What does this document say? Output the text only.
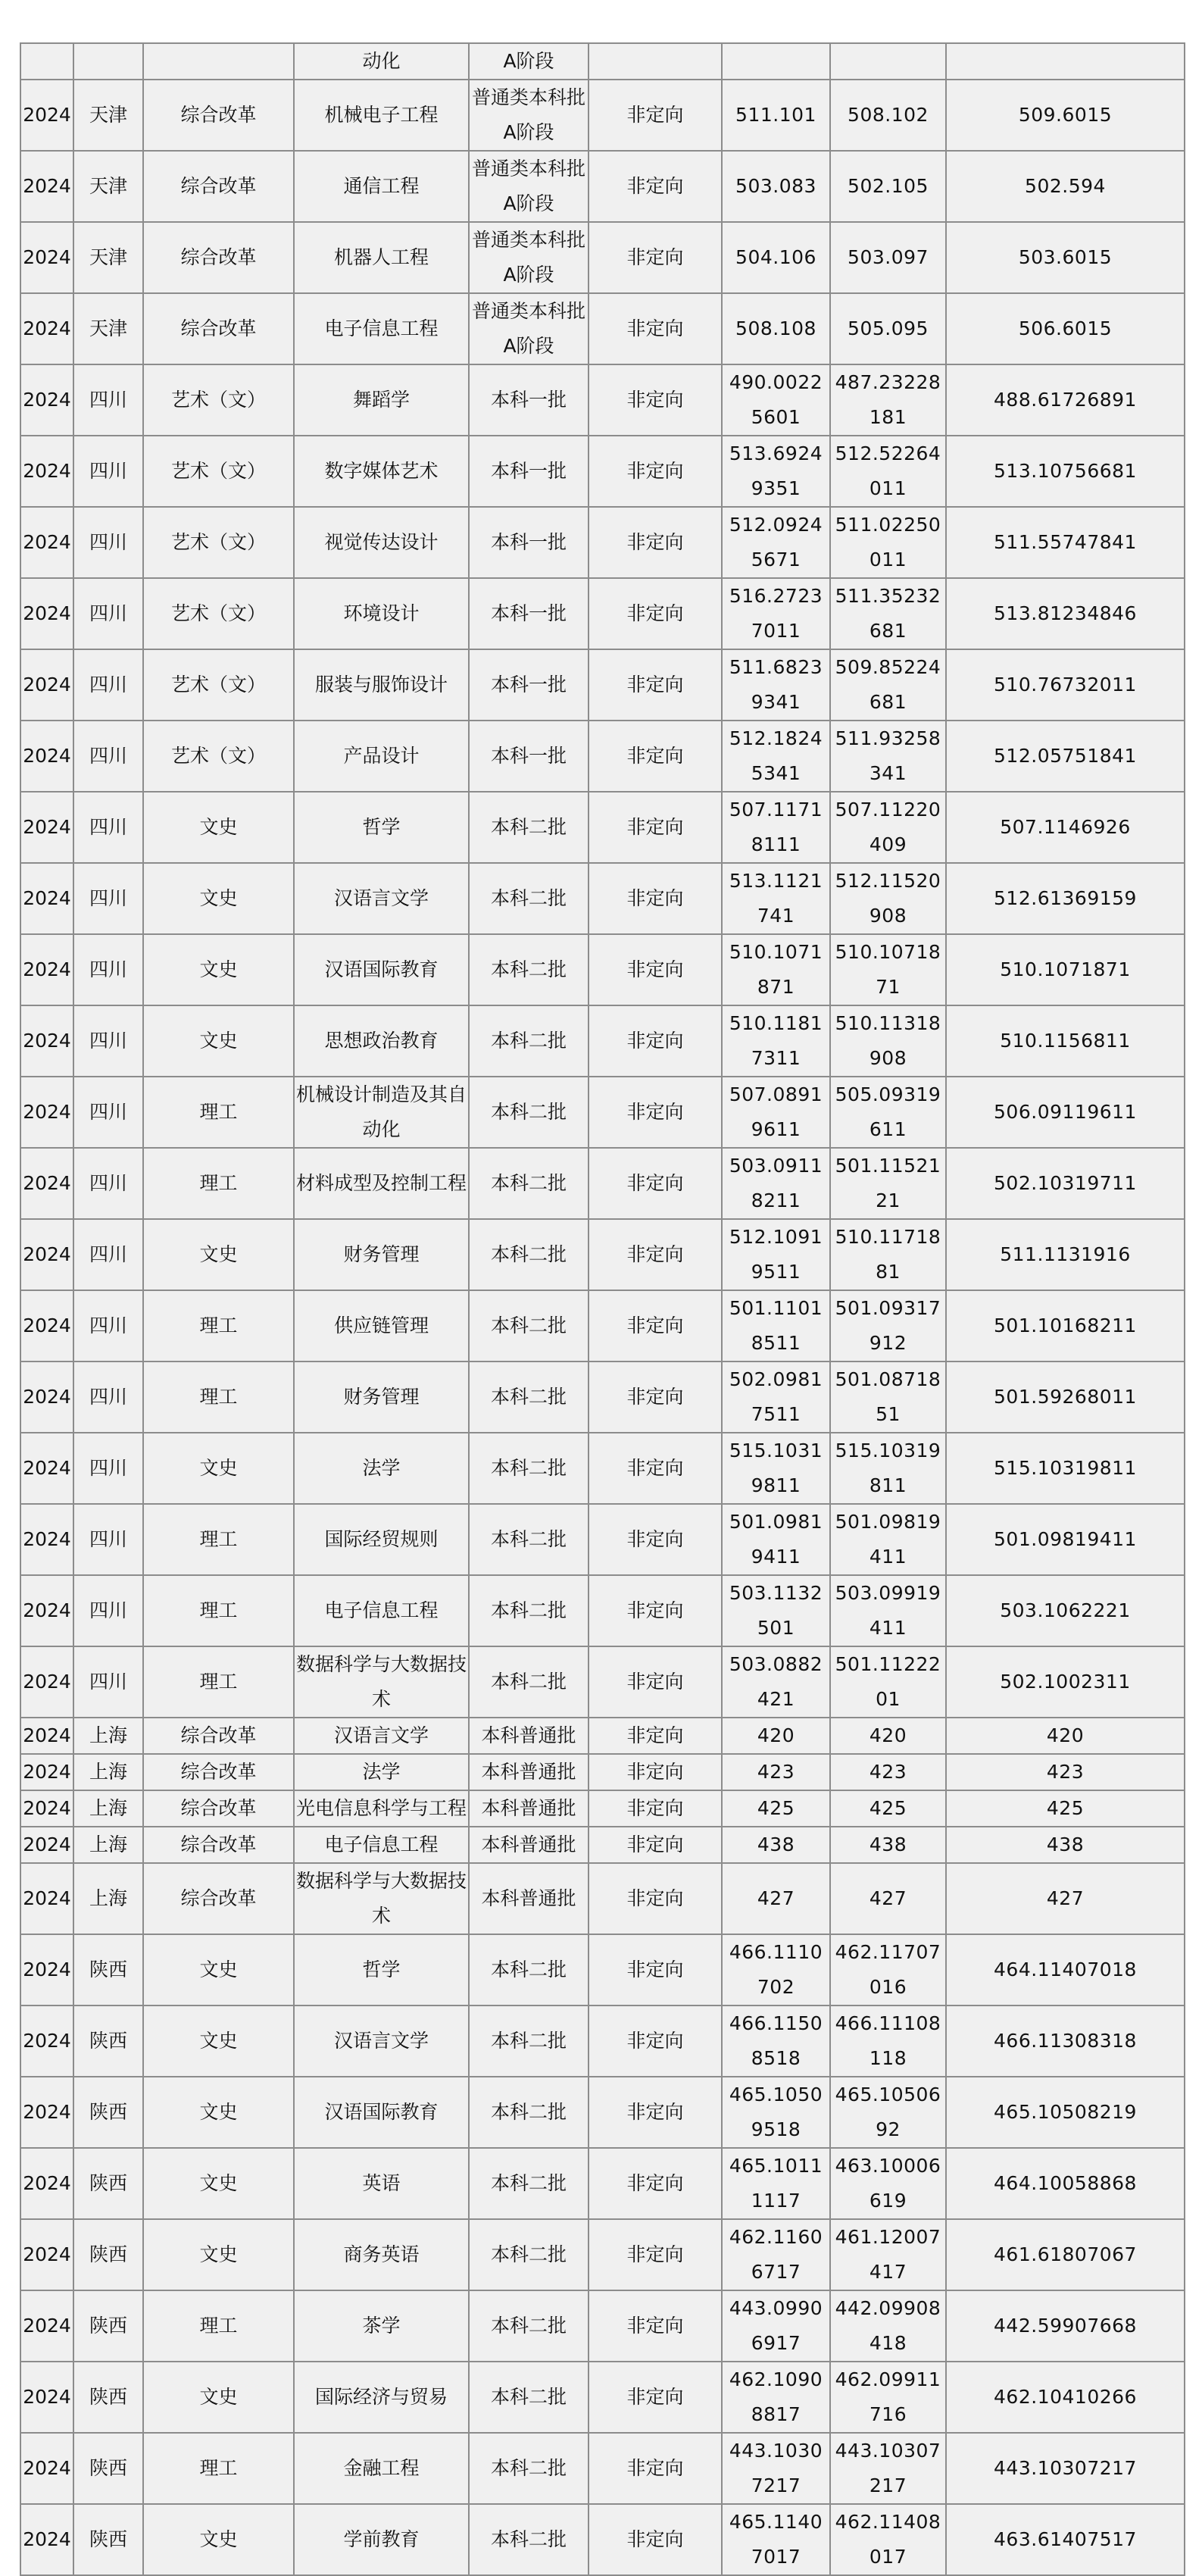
			动化	A阶段				
2024	天津	综合改革	机械电子工程	普通类本科批A阶段	非定向	511.101	508.102	509.6015
2024	天津	综合改革	通信工程	普通类本科批A阶段	非定向	503.083	502.105	502.594
2024	天津	综合改革	机器人工程	普通类本科批A阶段	非定向	504.106	503.097	503.6015
2024	天津	综合改革	电子信息工程	普通类本科批A阶段	非定向	508.108	505.095	506.6015
2024	四川	艺术（文）	舞蹈学	本科一批	非定向	490.00225601	487.23228181	488.61726891
2024	四川	艺术（文）	数字媒体艺术	本科一批	非定向	513.69249351	512.52264011	513.10756681
2024	四川	艺术（文）	视觉传达设计	本科一批	非定向	512.09245671	511.02250011	511.55747841
2024	四川	艺术（文）	环境设计	本科一批	非定向	516.27237011	511.35232681	513.81234846
2024	四川	艺术（文）	服装与服饰设计	本科一批	非定向	511.68239341	509.85224681	510.76732011
2024	四川	艺术（文）	产品设计	本科一批	非定向	512.18245341	511.93258341	512.05751841
2024	四川	文史	哲学	本科二批	非定向	507.11718111	507.11220409	507.1146926
2024	四川	文史	汉语言文学	本科二批	非定向	513.1121741	512.11520908	512.61369159
2024	四川	文史	汉语国际教育	本科二批	非定向	510.1071871	510.1071871	510.1071871
2024	四川	文史	思想政治教育	本科二批	非定向	510.11817311	510.11318908	510.1156811
2024	四川	理工	机械设计制造及其自动化	本科二批	非定向	507.08919611	505.09319611	506.09119611
2024	四川	理工	材料成型及控制工程	本科二批	非定向	503.09118211	501.1152121	502.10319711
2024	四川	文史	财务管理	本科二批	非定向	512.10919511	510.1171881	511.1131916
2024	四川	理工	供应链管理	本科二批	非定向	501.11018511	501.09317912	501.10168211
2024	四川	理工	财务管理	本科二批	非定向	502.09817511	501.0871851	501.59268011
2024	四川	文史	法学	本科二批	非定向	515.10319811	515.10319811	515.10319811
2024	四川	理工	国际经贸规则	本科二批	非定向	501.09819411	501.09819411	501.09819411
2024	四川	理工	电子信息工程	本科二批	非定向	503.1132501	503.09919411	503.1062221
2024	四川	理工	数据科学与大数据技术	本科二批	非定向	503.0882421	501.1122201	502.1002311
2024	上海	综合改革	汉语言文学	本科普通批	非定向	420	420	420
2024	上海	综合改革	法学	本科普通批	非定向	423	423	423
2024	上海	综合改革	光电信息科学与工程	本科普通批	非定向	425	425	425
2024	上海	综合改革	电子信息工程	本科普通批	非定向	438	438	438
2024	上海	综合改革	数据科学与大数据技术	本科普通批	非定向	427	427	427
2024	陕西	文史	哲学	本科二批	非定向	466.1110702	462.11707016	464.11407018
2024	陕西	文史	汉语言文学	本科二批	非定向	466.11508518	466.11108118	466.11308318
2024	陕西	文史	汉语国际教育	本科二批	非定向	465.10509518	465.1050692	465.10508219
2024	陕西	文史	英语	本科二批	非定向	465.10111117	463.10006619	464.10058868
2024	陕西	文史	商务英语	本科二批	非定向	462.11606717	461.12007417	461.61807067
2024	陕西	理工	茶学	本科二批	非定向	443.09906917	442.09908418	442.59907668
2024	陕西	文史	国际经济与贸易	本科二批	非定向	462.10908817	462.09911716	462.10410266
2024	陕西	理工	金融工程	本科二批	非定向	443.10307217	443.10307217	443.10307217
2024	陕西	文史	学前教育	本科二批	非定向	465.11407017	462.11408017	463.61407517
